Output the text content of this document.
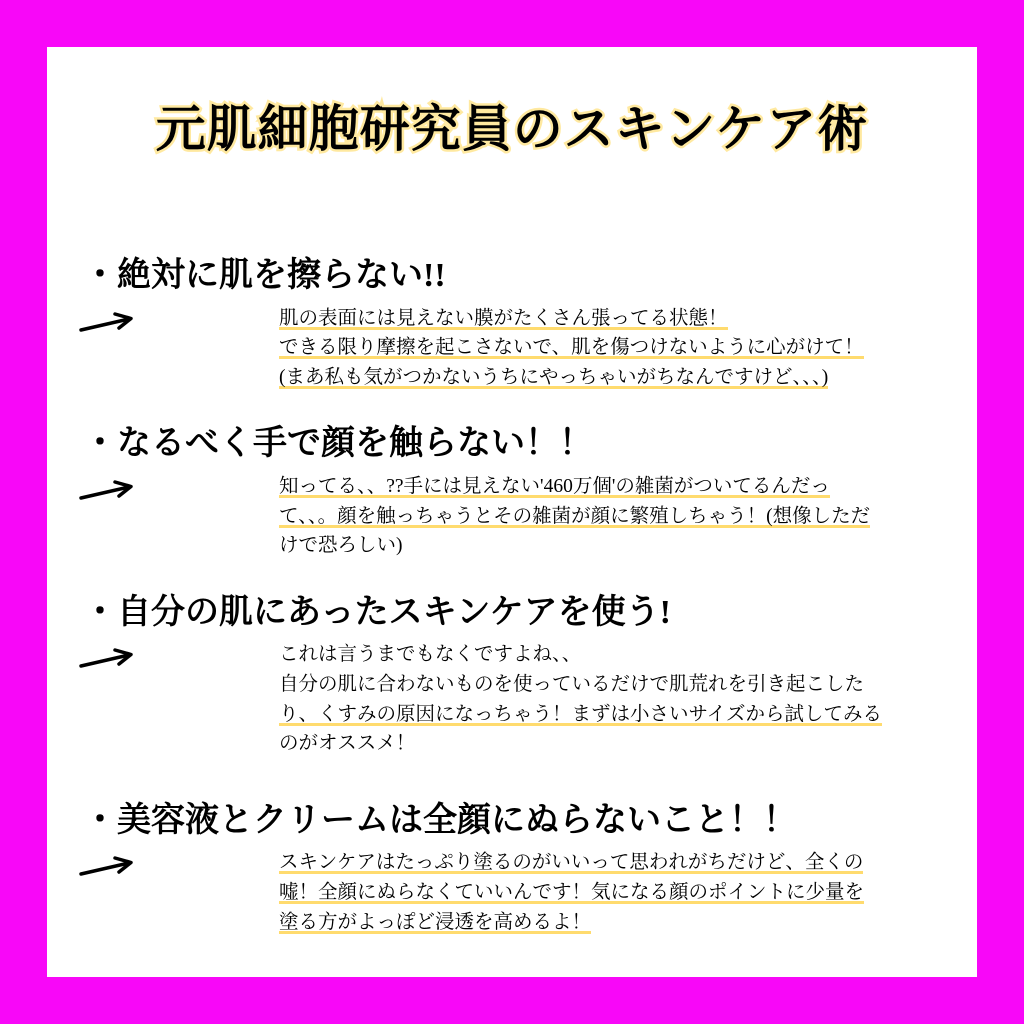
元肌細胞研究員のスキンケア術
・絶対に肌を擦らない!!
肌の表面には見えない膜がたくさん張ってる状態！
できる限り摩擦を起こさないで、肌を傷つけないように心がけて！
(まあ私も気がつかないうちにやっちゃいがちなんですけど、、、)
・なるべく手で顔を触らない！！
知ってる、、??手には見えない'460万個'の雑菌がついてるんだっ
て、、。顔を触っちゃうとその雑菌が顔に繁殖しちゃう！(想像しただ
けで恐ろしい)
・自分の肌にあったスキンケアを使う!
これは言うまでもなくですよね、、
自分の肌に合わないものを使っているだけで肌荒れを引き起こした
り、くすみの原因になっちゃう！まずは小さいサイズから試してみる
のがオススメ！
・美容液とクリームは全顔にぬらないこと！！
スキンケアはたっぷり塗るのがいいって思われがちだけど、全くの
嘘！全顔にぬらなくていいんです！気になる顔のポイントに少量を
塗る方がよっぽど浸透を高めるよ！
